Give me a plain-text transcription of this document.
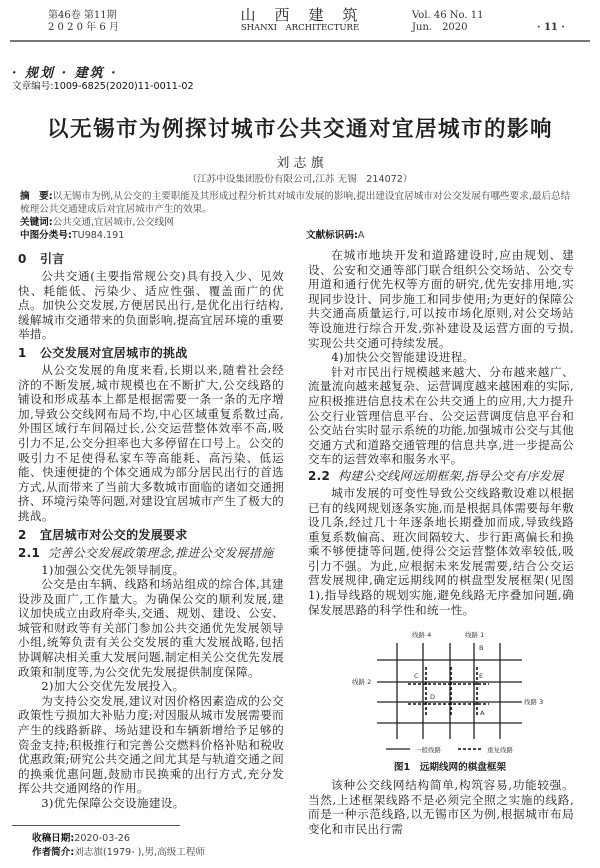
第46卷 第11期
2 0 2 0 年 6 月
山　西　建　筑
SHANXI　ARCHITECTURE
Vol. 46 No. 11
Jun.　2020	· 11 ·
· 规划 · 建筑 ·
文章编号:1009-6825(2020)11-0011-02
以无锡市为例探讨城市公共交通对宜居城市的影响
刘 志 旗
（江苏中设集团股份有限公司,江苏 无锡　214072）
摘　要:以无锡市为例,从公交的主要职能及其形成过程分析其对城市发展的影响,提出建设宜居城市对公交发展有哪些要求,最后总结梳理公共交通建成后对宜居城市产生的效果。
关键词:公共交通,宜居城市,公交线网
中图分类号:TU984.191	文献标识码:A
0 引言

公共交通(主要指常规公交)具有投入少、见效快、耗能低、污染少、适应性强、覆盖面广的优点。加快公交发展,方便居民出行,是优化出行结构,缓解城市交通带来的负面影响,提高宜居环境的重要举措。

1 公交发展对宜居城市的挑战

从公交发展的角度来看,长期以来,随着社会经济的不断发展,城市规模也在不断扩大,公交线路的铺设和形成基本上都是根据需要一条一条的无序增加,导致公交线网布局不均,中心区域重复系数过高,外围区域行车间隔过长,公交运营整体效率不高,吸引力不足,公交分担率也大多停留在口号上。公交的吸引力不足使得私家车等高能耗、高污染、低运能、快速便捷的个体交通成为部分居民出行的首选方式,从而带来了当前大多数城市面临的诸如交通拥挤、环境污染等问题,对建设宜居城市产生了极大的挑战。

2 宜居城市对公交的发展要求
2.1 完善公交发展政策理念,推进公交发展措施

1)加强公交优先领导制度。

公交是由车辆、线路和场站组成的综合体,其建设涉及面广,工作量大。为确保公交的顺利发展,建议加快成立由政府牵头,交通、规划、建设、公安、城管和财政等有关部门参加公共交通优先发展领导小组,统筹负责有关公交发展的重大发展战略,包括协调解决相关重大发展问题,制定相关公交优先发展政策和制度等,为公交优先发展提供制度保障。

2)加大公交优先发展投入。

为支持公交发展,建议对因价格因素造成的公交政策性亏损加大补贴力度;对因服从城市发展需要而产生的线路新辟、场站建设和车辆新增给予足够的资金支持;积极推行和完善公交燃料价格补贴和税收优惠政策;研究公共交通之间尤其是与轨道交通之间的换乘优惠问题,鼓励市民换乘的出行方式,充分发挥公共交通网络的作用。

3)优先保障公交设施建设。

收稿日期:2020-03-26
作者简介:刘志旗(1979- ),男,高级工程师

在城市地块开发和道路建设时,应由规划、建设、公安和交通等部门联合组织公交场站、公交专用道和通行优先权等方面的研究,优先安排用地,实现同步设计、同步施工和同步使用;为更好的保障公共交通高质量运行,可以按市场化原则,对公交场站等设施进行综合开发,弥补建设及运营方面的亏损,实现公共交通可持续发展。

4)加快公交智能建设进程。

针对市民出行规模越来越大、分布越来越广、流量流向越来越复杂、运营调度越来越困难的实际,应积极推进信息技术在公共交通上的应用,大力提升公交行业管理信息平台、公交运营调度信息平台和公交站台实时显示系统的功能,加强城市公交与其他交通方式和道路交通管理的信息共享,进一步提高公交车的运营效率和服务水平。

2.2 构建公交线网远期框架,指导公交有序发展

城市发展的可变性导致公交线路敷设难以根据已有的线网规划逐条实施,而是根据具体需要每年敷设几条,经过几十年逐条地长期叠加而成,导致线路重复系数偏高、班次间隔较大、步行距离偏长和换乘不够便捷等问题,使得公交运营整体效率较低,吸引力不强。为此,应根据未来发展需要,结合公交运营发展规律,确定远期线网的棋盘型发展框架(见图1),指导线路的规划实施,避免线路无序叠加问题,确保发展思路的科学性和统一性。

线路 4	线路 1
线路 2
线路 3
B
C
D
E
A
一般线路	重复线路
图1　远期线网的棋盘框架

该种公交线网结构简单,构筑容易,功能较强。当然,上述框架线路不是必须完全照之实施的线路,而是一种示范线路,以无锡市区为例,根据城市布局变化和市民出行需
